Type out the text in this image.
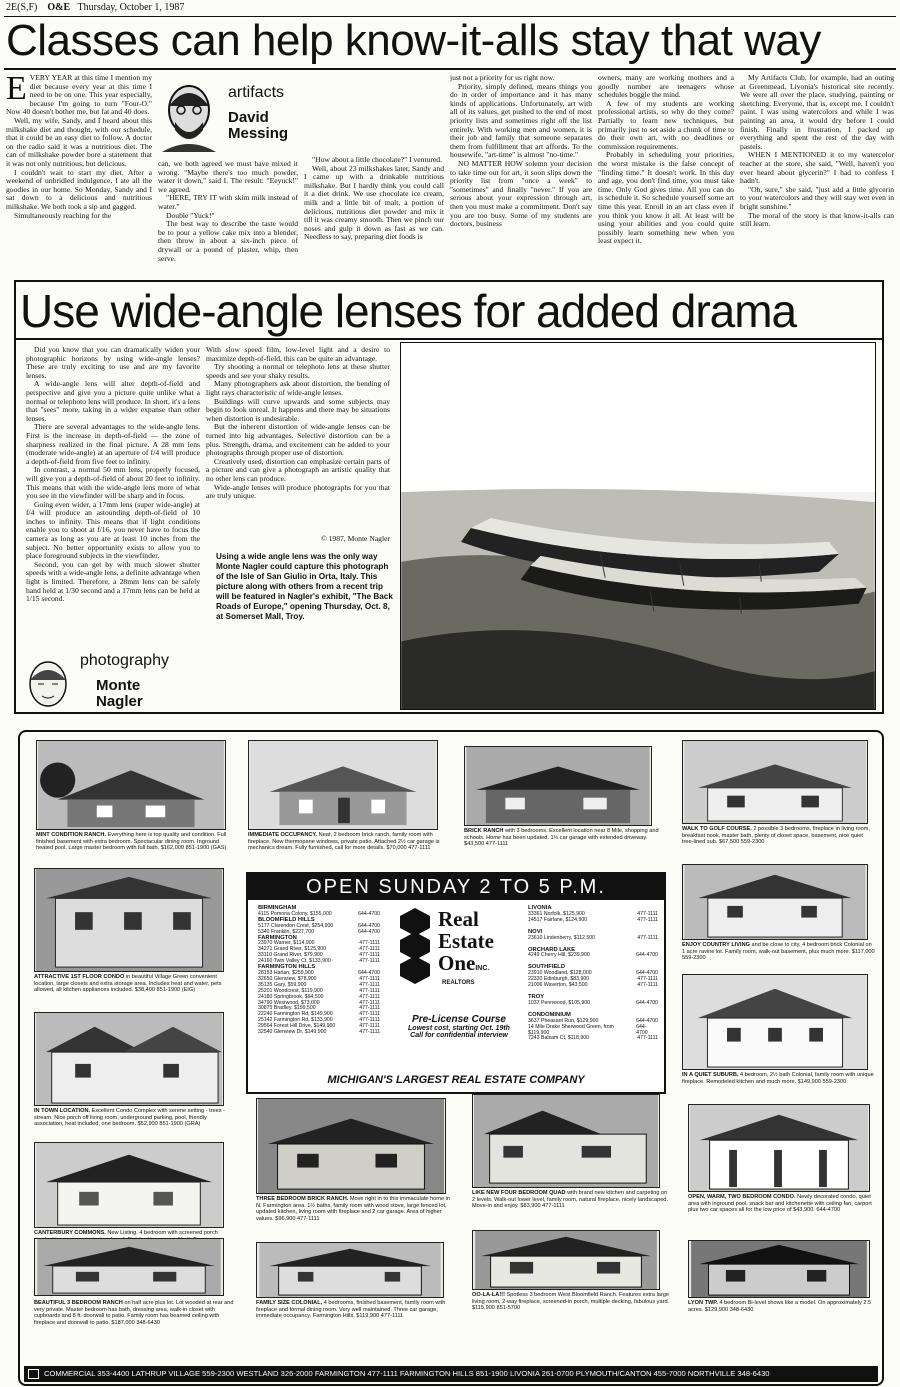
2E(S,F) O&E Thursday, October 1, 1987
Classes can help know-it-alls stay that way
E VERY YEAR at this time I mention my diet because every year at this time I need to be on one. This year especially, because I'm going to turn "Four-O." Now 40 doesn't bother me, but fat and 40 does.

Well, my wife, Sandy, and I heard about this milkshake diet and thought, with our schedule, that it could be an easy diet to follow. A doctor on the radio said it was a nutritious diet. The can of milkshake powder bore a statement that it was not only nutritious, but delicious.

I couldn't wait to start my diet. After a weekend of unbridled indulgence, I ate all the goodies in our home. So Monday, Sandy and I sat down to a delicious and nutritious milkshake. We both took a sip and gagged.

Simultaneously reaching for the

artifacts
David
Messing

can, we both agreed we must have mixed it wrong. "Maybe there's too much powder, water it down," said I. The result: "Eeyuck!" we agreed.

"HERE, TRY IT with skim milk instead of water."

Double "Yuck!"

The best way to describe the taste would be to pour a yellow cake mix into a blender, then throw in about a six-inch piece of drywall or a pound of plaster, whip, then serve.

"How about a little chocolate?" I ventured.

Well, about 23 milkshakes later, Sandy and I came up with a drinkable nutritious milkshake. But I hardly think you could call it a diet drink. We use chocolate ice cream, milk and a little bit of malt, a portion of delicious, nutritious diet powder and mix it till it was creamy smooth. Then we pinch our noses and gulp it down as fast as we can. Needless to say, preparing diet foods is

just not a priority for us right now.

Priority, simply defined, means things you do in order of importance and it has many kinds of applications. Unfortunately, art with all of its values, get pushed to the end of most priority lists and sometimes right off the list entirely. With working men and women, it is their job and family that someone separates them from fulfillment that art affords. To the housewife, "art-time" is almost "no-time."

NO MATTER HOW solemn your decision to take time out for art, it soon slips down the priority list from "once a week" to "sometimes" and finally "never." If you are serious about your expression through art, then you must make a commitment. Don't say you are too busy. Some of my students are doctors, business

owners, many are working mothers and a goodly number are teenagers whose schedules boggle the mind.

A few of my students are working professional artists, so why do they come? Partially to learn new techniques, but primarily just to set aside a chunk of time to do their own art, with no deadlines or commission requirements.

Probably in scheduling your priorities, the worst mistake is the false concept of "finding time." It doesn't work. In this day and age, you don't find time, you must take time. Only God gives time. All you can do is schedule it. So schedule yourself some art time this year. Enroll in an art class even if you think you know it all. At least will be using your abilities and you could quite possibly learn something new when you least expect it.

My Artifacts Club, for example, had an outing at Greenmead, Livonia's historical site recently. We were all over the place, studying, painting or sketching. Everyone, that is, except me. I couldn't paint. I was using watercolors and while I was painting an area, it would dry before I could finish. Finally in frustration, I packed up everything and spent the rest of the day with pastels.

WHEN I MENTIONED it to my watercolor teacher at the store, she said, "Well, haven't you ever heard about glycerin?" I had to confess I hadn't.

"Oh, sure," she said, "just add a little glycerin to your watercolors and they will stay wet even in bright sunshine."

The moral of the story is that know-it-alls can still learn.

Use wide-angle lenses for added drama

Did you know that you can dramatically widen your photographic horizons by using wide-angle lenses? These are truly exciting to use and are my favorite lenses.

A wide-angle lens will alter depth-of-field and perspective and give you a picture quite unlike what a normal or telephoto lens will produce. In short, it's a lens that "sees" more, taking in a wider expanse than other lenses.

There are several advantages to the wide-angle lens. First is the increase in depth-of-field — the zone of sharpness realized in the final picture. A 28 mm lens (moderate wide-angle) at an aperture of f/4 will produce a depth-of-field from five feet to infinity.

In contrast, a normal 50 mm lens, properly focused, will give you a depth-of-field of about 20 feet to infinity. This means that with the wide-angle lens more of what you see in the viewfinder will be sharp and in focus.

Going even wider, a 17mm lens (super wide-angle) at f/4 will produce an astounding depth-of-field of 10 inches to infinity. This means that if light conditions enable you to shoot at f/16, you never have to focus the camera as long as you are at least 10 inches from the subject. No better opportunity exists to allow you to place foreground subjects in the viewfinder.

Second, you can get by with much slower shutter speeds with a wide-angle lens, a definite advantage when light is limited. Therefore, a 28mm lens can be safely hand held at 1/30 second and a 17mm lens can be held at 1/15 second.

With slow speed film, low-level light and a desire to maximize depth-of-field, this can be quite an advantage.

Try shooting a normal or telephoto lens at these shutter speeds and see your shaky results.

Many photographers ask about distortion, the bending of light rays characteristic of wide-angle lenses.

Buildings will curve upwards and some subjects may begin to look unreal. It happens and there may be situations when distortion is undesirable.

But the inherent distortion of wide-angle lenses can be turned into big advantages. Selective distortion can be a plus. Strength, drama, and excitement can be added to your photographs through proper use of distortion.

Creatively used, distortion can emphasize certain parts of a picture and can give a photograph an artistic quality that no other lens can produce.

Wide-angle lenses will produce photographs for you that are truly unique.

© 1987, Monte Nagler
Using a wide angle lens was the only way Monte Nagler could capture this photograph of the Isle of San Giulio in Orta, Italy. This picture along with others from a recent trip will be featured in Nagler's exhibit, "The Back Roads of Europe," opening Thursday, Oct. 8, at Somerset Mall, Troy.
photography
Monte
Nagler
MINT CONDITION RANCH. Everything here is top quality and condition. Full finished basement with extra bedroom. Spectacular dining room. Inground heated pool. Large master bedroom with full bath. $162,000 851-1900 (GAS)
IMMEDIATE OCCUPANCY. Neat, 2 bedroom brick ranch, family room with fireplace. New thermopane windows, private patio. Attached 2½ car garage is mechanics dream. Fully furnished, call for more details. $70,000 477-1111
BRICK RANCH with 3 bedrooms. Excellent location near 8 Mile, shopping and schools. Home has been updated. 1½ car garage with extended driveway. $43,500 477-1111
WALK TO GOLF COURSE. 2 possible 3 bedrooms, fireplace in living room, breakfast nook, master bath, plenty of closet space, basement, nice quiet tree-lined sub. $67,500 559-2300
ATTRACTIVE 1ST FLOOR CONDO in beautiful Village Green convenient location, large closets and extra storage area. Includes heat and water, pets allowed, all kitchen appliances included. $38,400 851-1900 (EIG)
IN TOWN LOCATION. Excellent Condo Complex with serene setting - trees - stream. Nice porch off living room, underground parking, pool, friendly association, heat included, one bedroom. $52,900 851-1900 (GRA)
CANTERBURY COMMONS. New Listing. 4 bedroom with screened porch
BEAUTIFUL 3 BEDROOM RANCH on half acre plus lot. Lot wooded at rear and very private. Master bedroom has bath, dressing area, walk-in closet with cupboards and 8 ft. doorwall to patio. Family room has beamed ceiling with fireplace and doorwall to patio. $187,000 348-6430
ENJOY COUNTRY LIVING and be close to city, 4 bedroom brick Colonial on 1 acre ravine lot. Family room, walk-out basement, plus much more. $117,000 559-2300
IN A QUIET SUBURB, 4 bedroom, 2½ bath Colonial, family room with unique fireplace. Remodeled kitchen and much more. $149,900 559-2300
OPEN SUNDAY 2 TO 5 P.M.
BIRMINGHAM
4115 Pomona Colony, $155,000	644-4700
BLOOMFIELD HILLS
5177 Clarendon Crest, $254,900	644-4700
5340 Franklin, $227,700	644-4700
FARMINGTON
23970 Warner, $114,900	477-1111
34271 Grand River, $125,900	477-1111
33110 Grand River, $79,900	477-1111
24160 Twin Valley Ct, $133,900	477-1111
FARMINGTON HILLS
28153 Harlan, $259,900	644-4700
32650 Glenview, $78,900	477-1111
35135 Gary, $59,900	477-1111
25201 Woodcrest, $119,900	477-1111
24180 Springbrook, $94,500	477-1111
34790 Westwood, $73,000	477-1111
30875 Bradley, $199,500	477-1111
22240 Farmington Rd, $149,900	477-1111
25142 Farmington Rd, $133,900	477-1111
29564 Forest Hill Drive, $149,900	477-1111
32540 Glenview Dr, $149,900	477-1111
Real
Estate
OneINC.
REALTORS
Pre-License Course
Lowest cost, starting Oct. 19th
Call for confidential interview
LIVONIA
33361 Norfolk, $125,900	477-1111
14517 Fairlane, $124,900	477-1111
NOVI
23610 Lindenberry, $112,500	477-1111
ORCHARD LAKE
4249 Cherry Hill, $239,900	644-4700
SOUTHFIELD
23910 Woodland, $128,000	644-4700
22320 Edinburgh, $83,900	477-1111
21006 Waverton, $43,500	477-1111
TROY
1037 Pennwood, $105,900	644-4700
CONDOMINIUM
3637 Pheasant Run, $129,900	644-4700
14 Mile Drake Sherwood Green, from $119,900
644-4700
7243 Balsam Ct, $118,900	477-1111
MICHIGAN'S LARGEST REAL ESTATE COMPANY
THREE BEDROOM BRICK RANCH. Move right in to this immaculate home in N. Farmington area. 1½ baths, family room with wood stove, large fenced lot, updated kitchen, living room with fireplace and 2 car garage. Area of higher values. $96,900 477-1111
LIKE NEW FOUR BEDROOM QUAD with brand new kitchen and carpeting on 2 levels. Walk-out lower level, family room, natural fireplace, nicely landscaped. Move-in and enjoy. $83,900 477-1111
OPEN, WARM, TWO BEDROOM CONDO. Newly decorated condo, quiet area with inground pool, snack bar and kitchenette with ceiling fan, carport plus two car spaces all for the low price of $43,900. 644-4700
FAMILY SIZE COLONIAL, 4 bedrooms, finished basement, family room with fireplace and formal dining room. Very well maintained. Three car garage, immediate occupancy. Farmington Hills. $119,900 477-1111
OO-LA-LA!!! Spotless 3 bedroom West Bloomfield Ranch. Features extra large living room, 2-way fireplace, screened-in porch, multiple decking, fabulous yard. $115,900 851-5700
LYON TWP. 4 bedroom Bi-level shows like a model. On approximately 2.5 acres. $129,900 348-6430
COMMERCIAL 353-4400 LATHRUP VILLAGE 559-2300 WESTLAND 326-2000 FARMINGTON 477-1111 FARMINGTON HILLS 851-1900 LIVONIA 261-0700 PLYMOUTH/CANTON 455-7000 NORTHVILLE 348-6430
